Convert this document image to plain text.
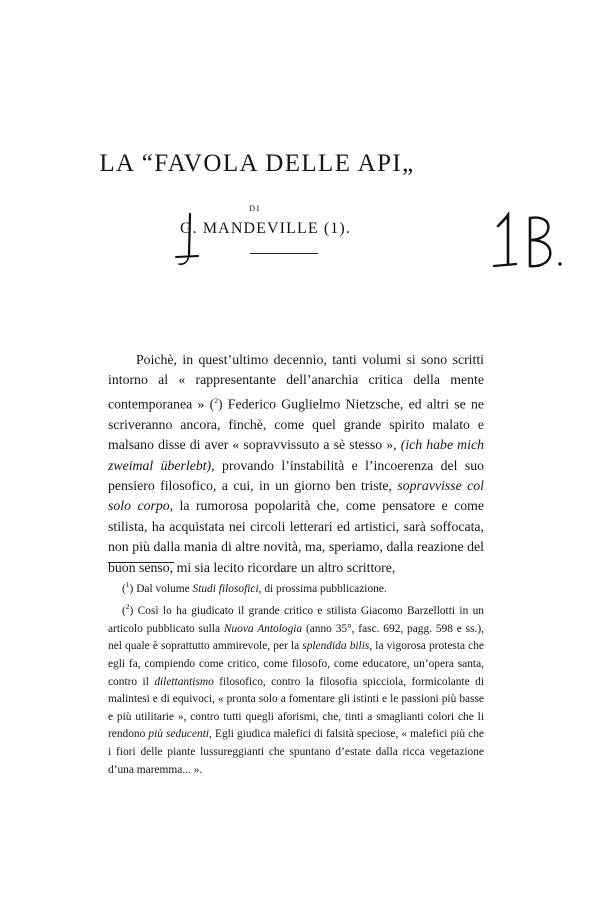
LA “FAVOLA DELLE API„
DI
G. MANDEVILLE (1).

Poichè, in quest’ultimo decennio, tanti volumi si sono scritti intorno al « rappresentante dell’anarchia critica della mente contemporanea » ($^2$) Federico Guglielmo Nietzsche, ed altri se ne scriveranno ancora, finchè, come quel grande spirito malato e malsano disse di aver « sopravvissuto a sè stesso », (ich habe mich zweimal überlebt), provando l’instabilità e l’incoerenza del suo pensiero filosofico, a cui, in un giorno ben triste, sopravvisse col solo corpo, la rumorosa popolarità che, come pensatore e come stilista, ha acquistata nei circoli letterari ed artistici, sarà soffocata, non più dalla mania di altre novità, ma, speriamo, dalla reazione del buon senso, mi sia lecito ricordare un altro scrittore,

($^1$) Dal volume Studi filosofici, di prossima pubblicazione.

($^2$) Così lo ha giudicato il grande critico e stilista Giacomo Barzellotti in un articolo pubblicato sulla Nuova Antologia (anno 35°, fasc. 692, pagg. 598 e ss.), nel quale è soprattutto ammirevole, per la splendida bilis, la vigorosa protesta che egli fa, compiendo come critico, come filosofo, come educatore, un’opera santa, contro il dilettantismo filosofico, contro la filosofia spicciola, formicolante di malintesi e di equivoci, « pronta solo a fomentare gli istinti e le passioni più basse e più utilitarie », contro tutti quegli aforismi, che, tinti a smaglianti colori che li rendono più seducenti, Egli giudica malefici di falsità speciose, « malefici più che i fiori delle piante lussureggianti che spuntano d’estate dalla ricca vegetazione d’una maremma... ».
